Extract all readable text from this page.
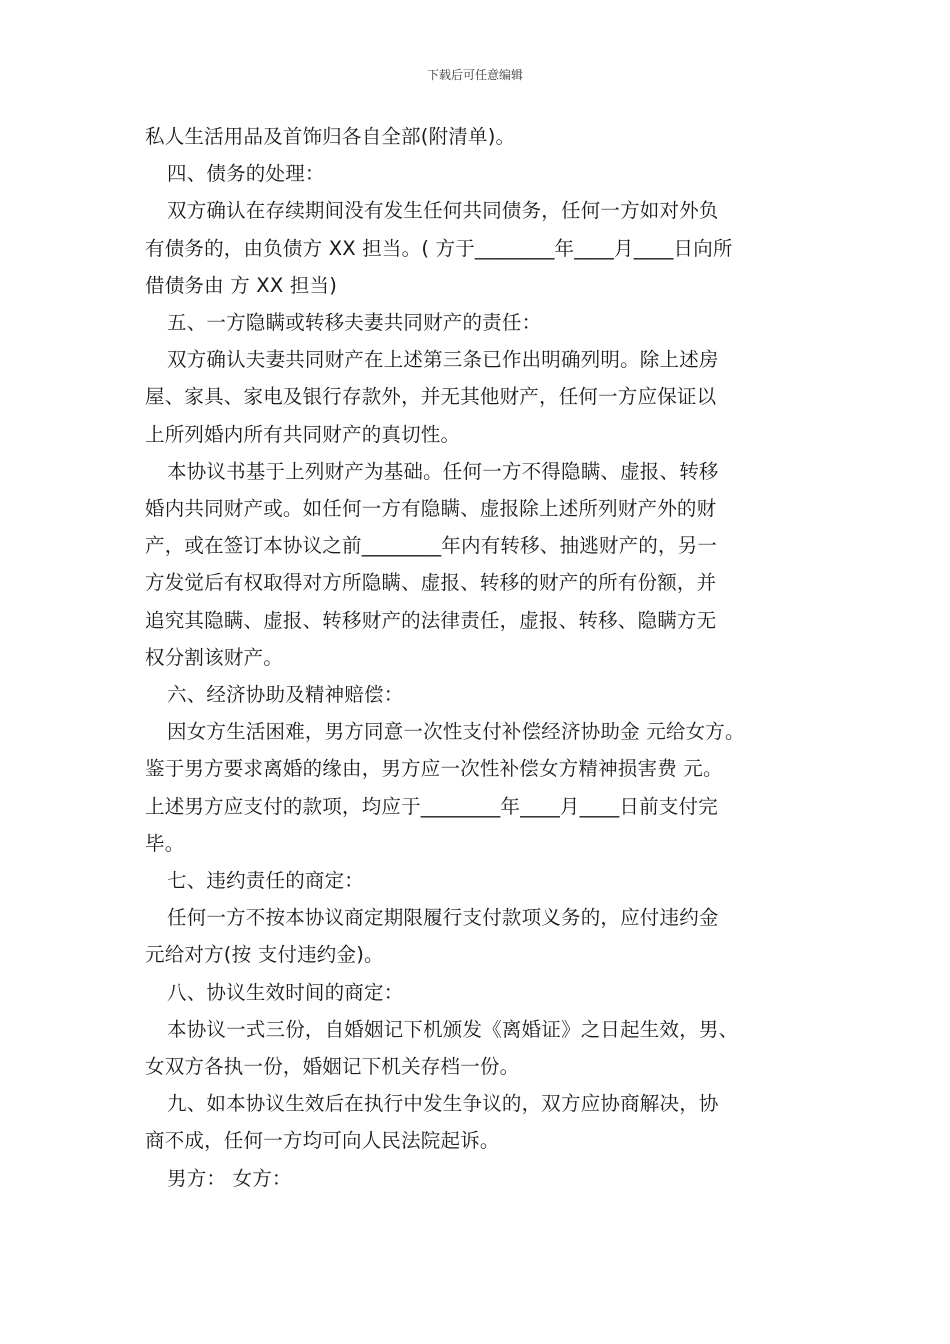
下载后可任意编辑
私人生活用品及首饰归各自全部(附清单)。
四、债务的处理：
双方确认在存续期间没有发生任何共同债务，任何一方如对外负
有债务的，由负债方 XX 担当。( 方于________年____月____日向所
借债务由 方 XX 担当)
五、一方隐瞒或转移夫妻共同财产的责任：
双方确认夫妻共同财产在上述第三条已作出明确列明。除上述房
屋、家具、家电及银行存款外，并无其他财产，任何一方应保证以
上所列婚内所有共同财产的真切性。
本协议书基于上列财产为基础。任何一方不得隐瞒、虚报、转移
婚内共同财产或。如任何一方有隐瞒、虚报除上述所列财产外的财
产，或在签订本协议之前________年内有转移、抽逃财产的，另一
方发觉后有权取得对方所隐瞒、虚报、转移的财产的所有份额，并
追究其隐瞒、虚报、转移财产的法律责任，虚报、转移、隐瞒方无
权分割该财产。
六、经济协助及精神赔偿：
因女方生活困难，男方同意一次性支付补偿经济协助金 元给女方。
鉴于男方要求离婚的缘由，男方应一次性补偿女方精神损害费 元。
上述男方应支付的款项，均应于________年____月____日前支付完
毕。
七、违约责任的商定：
任何一方不按本协议商定期限履行支付款项义务的，应付违约金
元给对方(按 支付违约金)。
八、协议生效时间的商定：
本协议一式三份，自婚姻记下机颁发《离婚证》之日起生效，男、
女双方各执一份，婚姻记下机关存档一份。
九、如本协议生效后在执行中发生争议的，双方应协商解决，协
商不成，任何一方均可向人民法院起诉。
男方： 女方：
